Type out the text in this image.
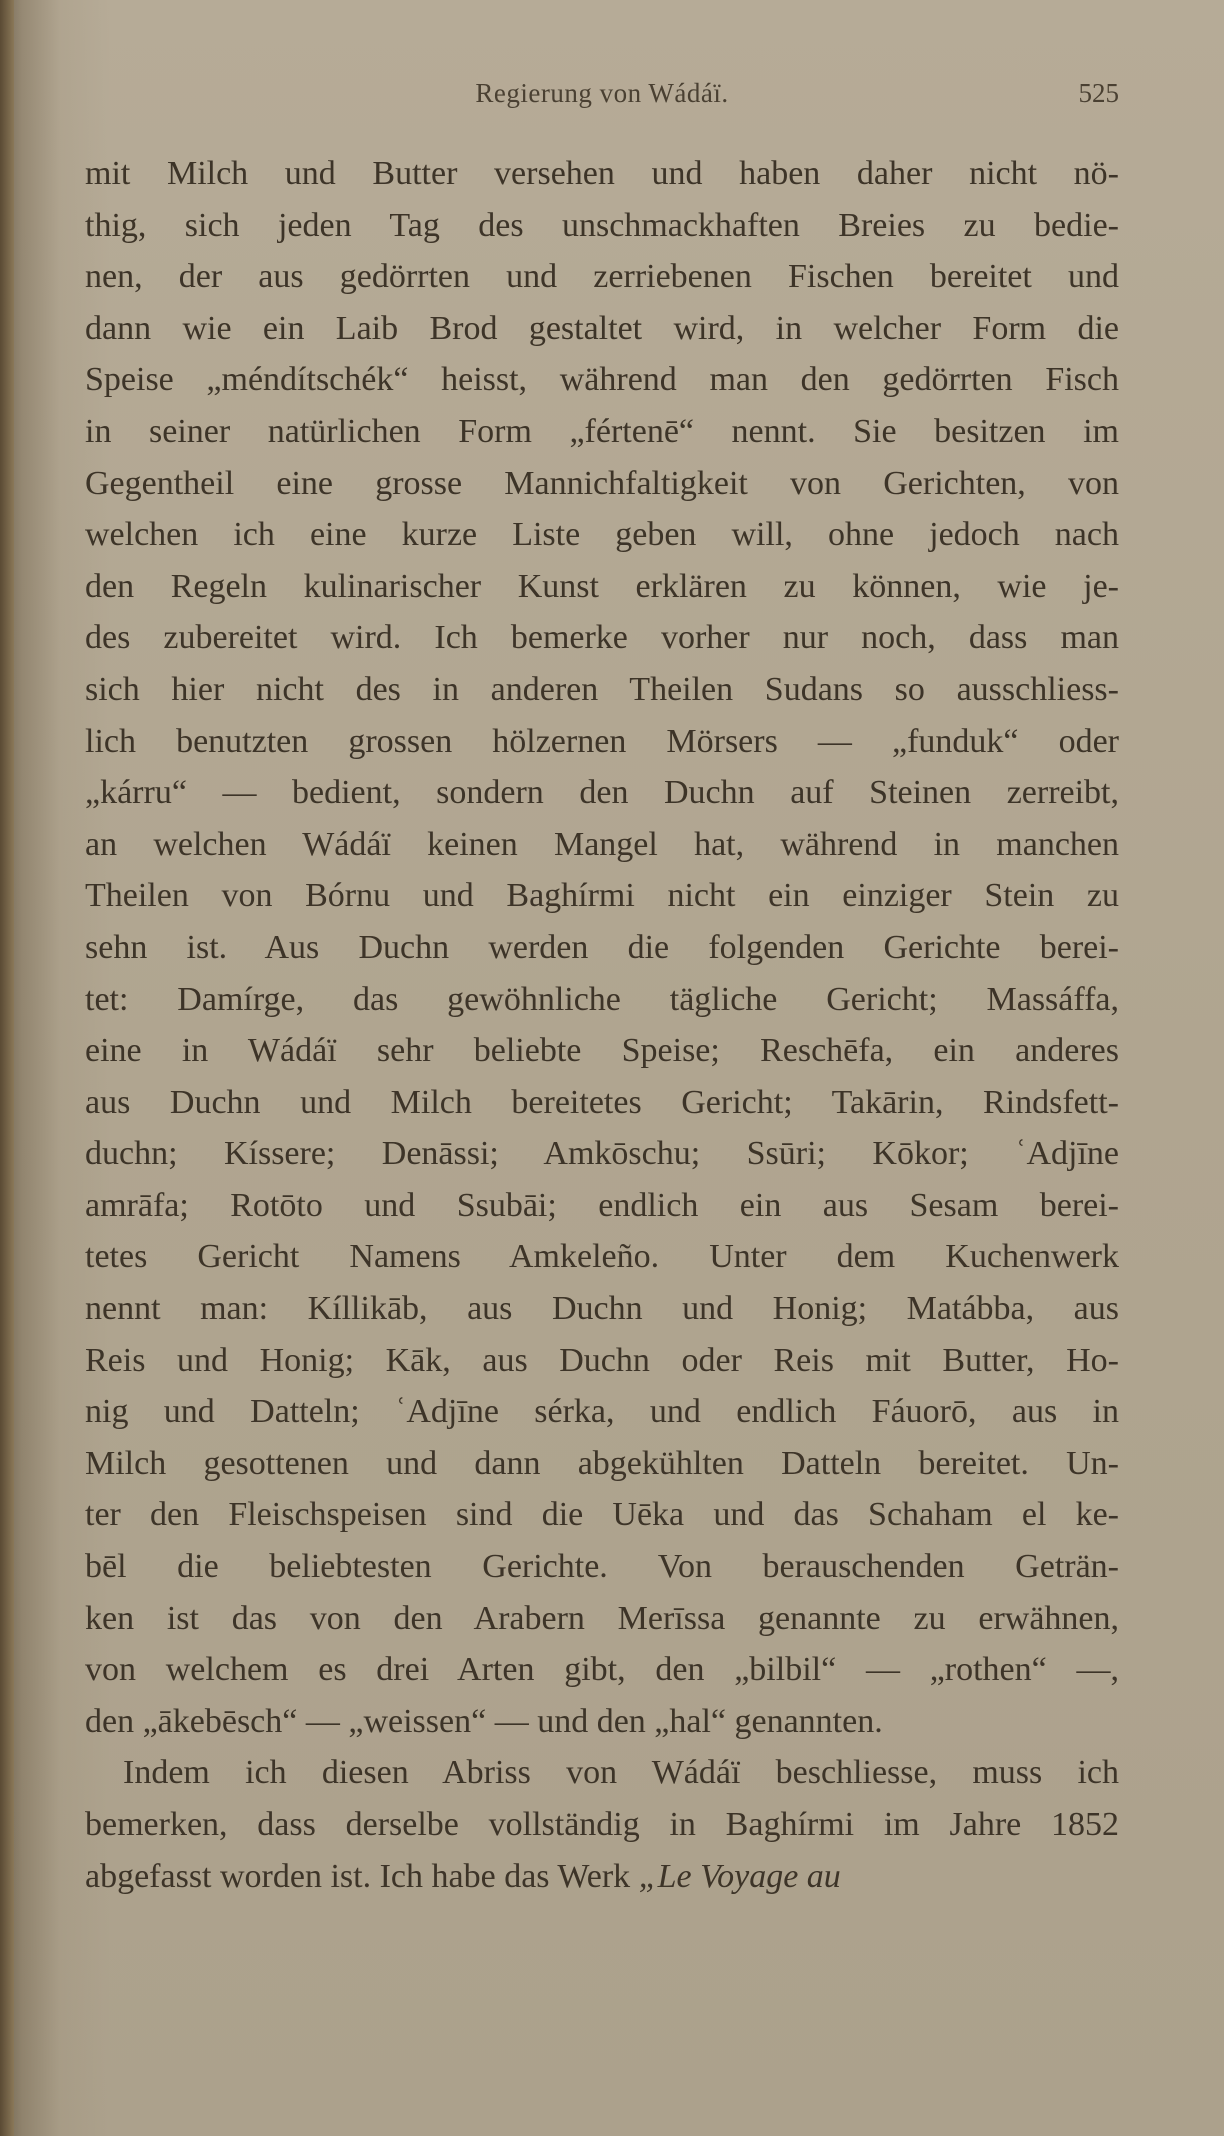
Regierung von Wádáï.	525
mit Milch und Butter versehen und haben daher nicht nö-
thig, sich jeden Tag des unschmackhaften Breies zu bedie-
nen, der aus gedörrten und zerriebenen Fischen bereitet und
dann wie ein Laib Brod gestaltet wird, in welcher Form die
Speise „méndítschék“ heisst, während man den gedörrten Fisch
in seiner natürlichen Form „fértenē“ nennt. Sie besitzen im
Gegentheil eine grosse Mannichfaltigkeit von Gerichten, von
welchen ich eine kurze Liste geben will, ohne jedoch nach
den Regeln kulinarischer Kunst erklären zu können, wie je-
des zubereitet wird. Ich bemerke vorher nur noch, dass man
sich hier nicht des in anderen Theilen Sudans so ausschliess-
lich benutzten grossen hölzernen Mörsers — „funduk“ oder
„kárru“ — bedient, sondern den Duchn auf Steinen zerreibt,
an welchen Wádáï keinen Mangel hat, während in manchen
Theilen von Bórnu und Baghírmi nicht ein einziger Stein zu
sehn ist. Aus Duchn werden die folgenden Gerichte berei-
tet: Damírge, das gewöhnliche tägliche Gericht; Massáffa,
eine in Wádáï sehr beliebte Speise; Reschēfa, ein anderes
aus Duchn und Milch bereitetes Gericht; Takārin, Rindsfett-
duchn; Kíssere; Denāssi; Amkōschu; Ssūri; Kōkor; ʿAdjīne
amrāfa; Rotōto und Ssubāi; endlich ein aus Sesam berei-
tetes Gericht Namens Amkeleño. Unter dem Kuchenwerk
nennt man: Kíllikāb, aus Duchn und Honig; Matábba, aus
Reis und Honig; Kāk, aus Duchn oder Reis mit Butter, Ho-
nig und Datteln; ʿAdjīne sérka, und endlich Fáuorō, aus in
Milch gesottenen und dann abgekühlten Datteln bereitet. Un-
ter den Fleischspeisen sind die Uēka und das Schaham el ke-
bēl die beliebtesten Gerichte. Von berauschenden Geträn-
ken ist das von den Arabern Merīssa genannte zu erwähnen,
von welchem es drei Arten gibt, den „bilbil“ — „rothen“ —,
den „ākebēsch“ — „weissen“ — und den „hal“ genannten.
Indem ich diesen Abriss von Wádáï beschliesse, muss ich
bemerken, dass derselbe vollständig in Baghírmi im Jahre 1852
abgefasst worden ist. Ich habe das Werk „Le Voyage au
